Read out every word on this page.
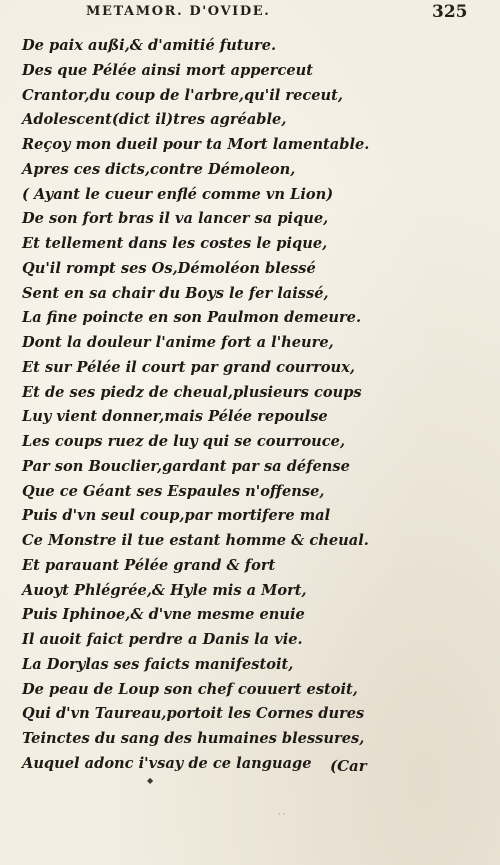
METAMOR. D'OVIDE.	325
De paix außi,& d'amitié future.
Des que Pélée ainsi mort apperceut
Crantor,du coup de l'arbre,qu'il receut,
Adolescent(dict il)tres agréable,
Reçoy mon dueil pour ta Mort lamentable.
Apres ces dicts,contre Démoleon,
( Ayant le cueur enflé comme vn Lion)
De son fort bras il va lancer sa pique,
Et tellement dans les costes le pique,
Qu'il rompt ses Os,Démoléon blessé
Sent en sa chair du Boys le fer laissé,
La fine poincte en son Paulmon demeure.
Dont la douleur l'anime fort a l'heure,
Et sur Pélée il court par grand courroux,
Et de ses piedz de cheual,plusieurs coups
Luy vient donner,mais Pélée repoulse
Les coups ruez de luy qui se courrouce,
Par son Bouclier,gardant par sa défense
Que ce Géant ses Espaules n'offense,
Puis d'vn seul coup,par mortifere mal
Ce Monstre il tue estant homme & cheual.
Et parauant Pélée grand & fort
Auoyt Phlégrée,& Hyle mis a Mort,
Puis Iphinoe,& d'vne mesme enuie
Il auoit faict perdre a Danis la vie.
La Dorylas ses faicts manifestoit,
De peau de Loup son chef couuert estoit,
Qui d'vn Taureau,portoit les Cornes dures
Teinctes du sang des humaines blessures,
Auquel adonc i'vsay de ce language	(Car
◆
··
